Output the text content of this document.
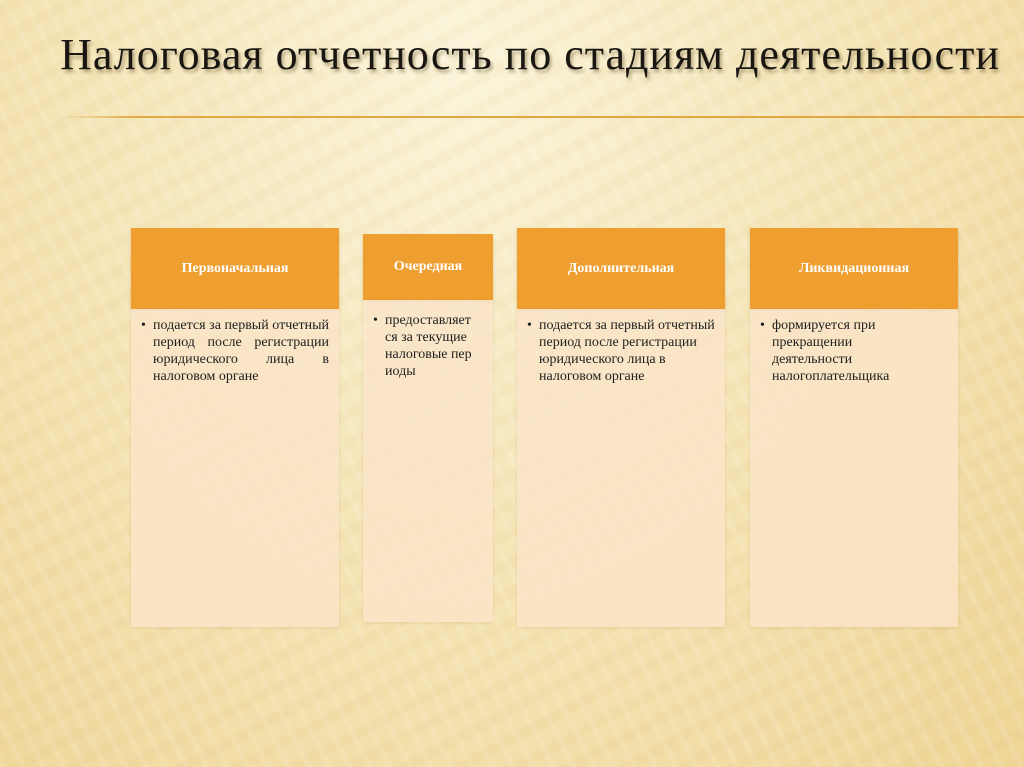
Налоговая отчетность по стадиям деятельности
Первоначальная
• подается за первый отчетный период после регистрации юридического лица в налоговом органе
Очередная
• предоставляется за текущие налоговые периоды
Дополнительная
• подается за первый отчетный период после регистрации юридического лица в налоговом органе
Ликвидационная
• формируется при прекращении деятельности налогоплательщика
